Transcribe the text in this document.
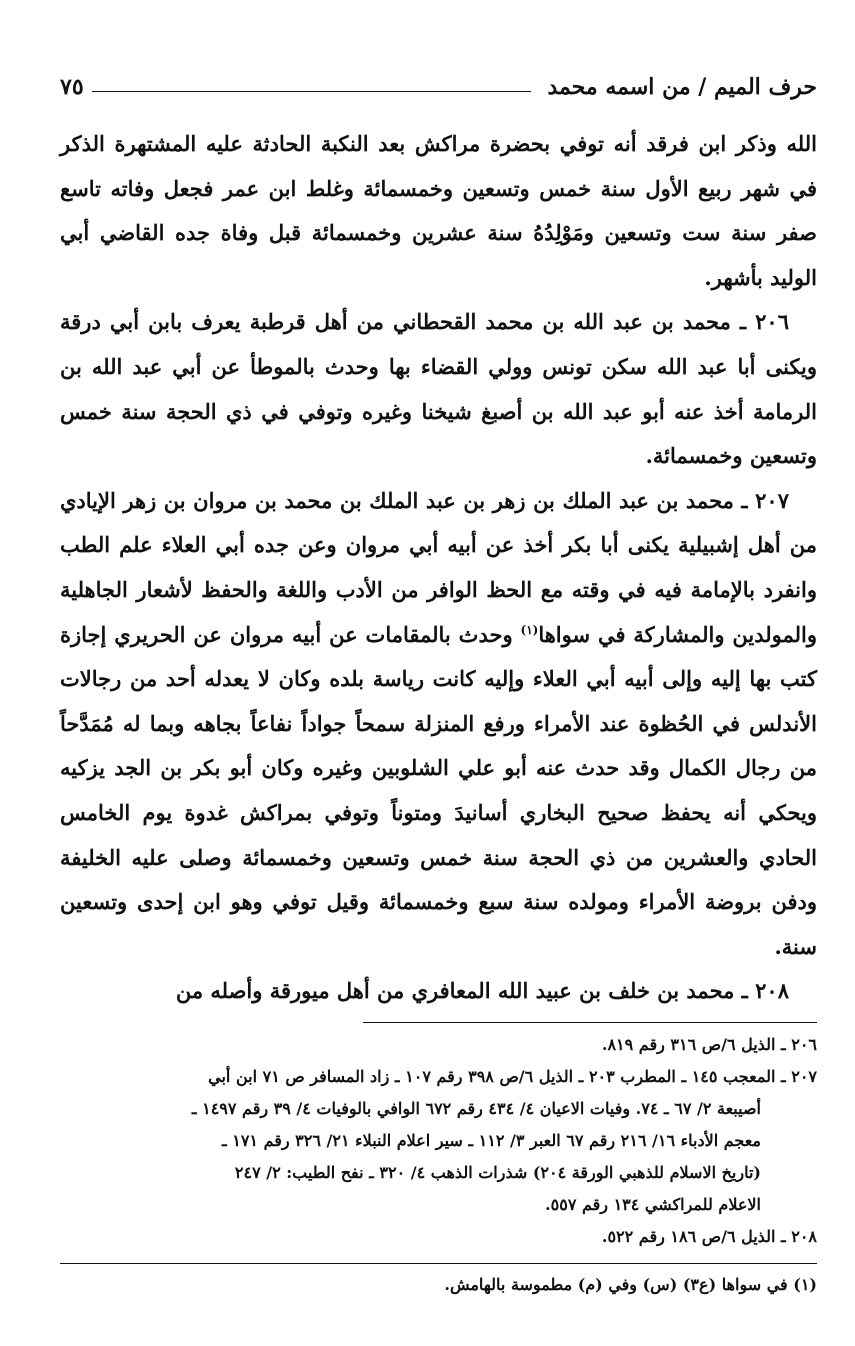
حرف الميم / من اسمه محمد
٧٥

الله وذكر ابن فرقد أنه توفي بحضرة مراكش بعد النكبة الحادثة عليه المشتهرة الذكر في شهر ربيع الأول سنة خمس وتسعين وخمسمائة وغلط ابن عمر فجعل وفاته تاسع صفر سنة ست وتسعين ومَوْلِدُهُ سنة عشرين وخمسمائة قبل وفاة جده القاضي أبي الوليد بأشهر.

٢٠٦ ـ محمد بن عبد الله بن محمد القحطاني من أهل قرطبة يعرف بابن أبي درقة ويكنى أبا عبد الله سكن تونس وولي القضاء بها وحدث بالموطأ عن أبي عبد الله بن الرمامة أخذ عنه أبو عبد الله بن أصبغ شيخنا وغيره وتوفي في ذي الحجة سنة خمس وتسعين وخمسمائة.

٢٠٧ ـ محمد بن عبد الملك بن زهر بن عبد الملك بن محمد بن مروان بن زهر الإيادي من أهل إشبيلية يكنى أبا بكر أخذ عن أبيه أبي مروان وعن جده أبي العلاء علم الطب وانفرد بالإمامة فيه في وقته مع الحظ الوافر من الأدب واللغة والحفظ لأشعار الجاهلية والمولدين والمشاركة في سواها$^{(١)}$ وحدث بالمقامات عن أبيه مروان عن الحريري إجازة كتب بها إليه وإلى أبيه أبي العلاء وإليه كانت رياسة بلده وكان لا يعدله أحد من رجالات الأندلس في الحُظوة عند الأمراء ورفع المنزلة سمحاً جواداً نفاعاً بجاهه وبما له مُمَدَّحاً من رجال الكمال وقد حدث عنه أبو علي الشلوبين وغيره وكان أبو بكر بن الجد يزكيه ويحكي أنه يحفظ صحيح البخاري أسانيدَ ومتوناً وتوفي بمراكش غدوة يوم الخامس الحادي والعشرين من ذي الحجة سنة خمس وتسعين وخمسمائة وصلى عليه الخليفة ودفن بروضة الأمراء ومولده سنة سبع وخمسمائة وقيل توفي وهو ابن إحدى وتسعين سنة.

٢٠٨ ـ محمد بن خلف بن عبيد الله المعافري من أهل ميورقة وأصله من

٢٠٦ ـ الذيل ٦/ص ٣١٦ رقم ٨١٩.

٢٠٧ ـ المعجب ١٤٥ ـ المطرب ٢٠٣ ـ الذيل ٦/ص ٣٩٨ رقم ١٠٧ ـ زاد المسافر ص ٧١ ابن أبي
أصيبعة ٢/ ٦٧ ـ ٧٤. وفيات الاعيان ٤/ ٤٣٤ رقم ٦٧٢ الوافي بالوفيات ٤/ ٣٩ رقم ١٤٩٧ ـ
معجم الأدباء ١٦/ ٢١٦ رقم ٦٧ العبر ٣/ ١١٢ ـ سير اعلام النبلاء ٢١/ ٣٢٦ رقم ١٧١ ـ
(تاريخ الاسلام للذهبي الورقة ٢٠٤) شذرات الذهب ٤/ ٣٢٠ ـ نفح الطيب: ٢/ ٢٤٧
الاعلام للمراكشي ١٣٤ رقم ٥٥٧.

٢٠٨ ـ الذيل ٦/ص ١٨٦ رقم ٥٢٢.

(١) في سواها (ع٣) (س) وفي (م) مطموسة بالهامش.
